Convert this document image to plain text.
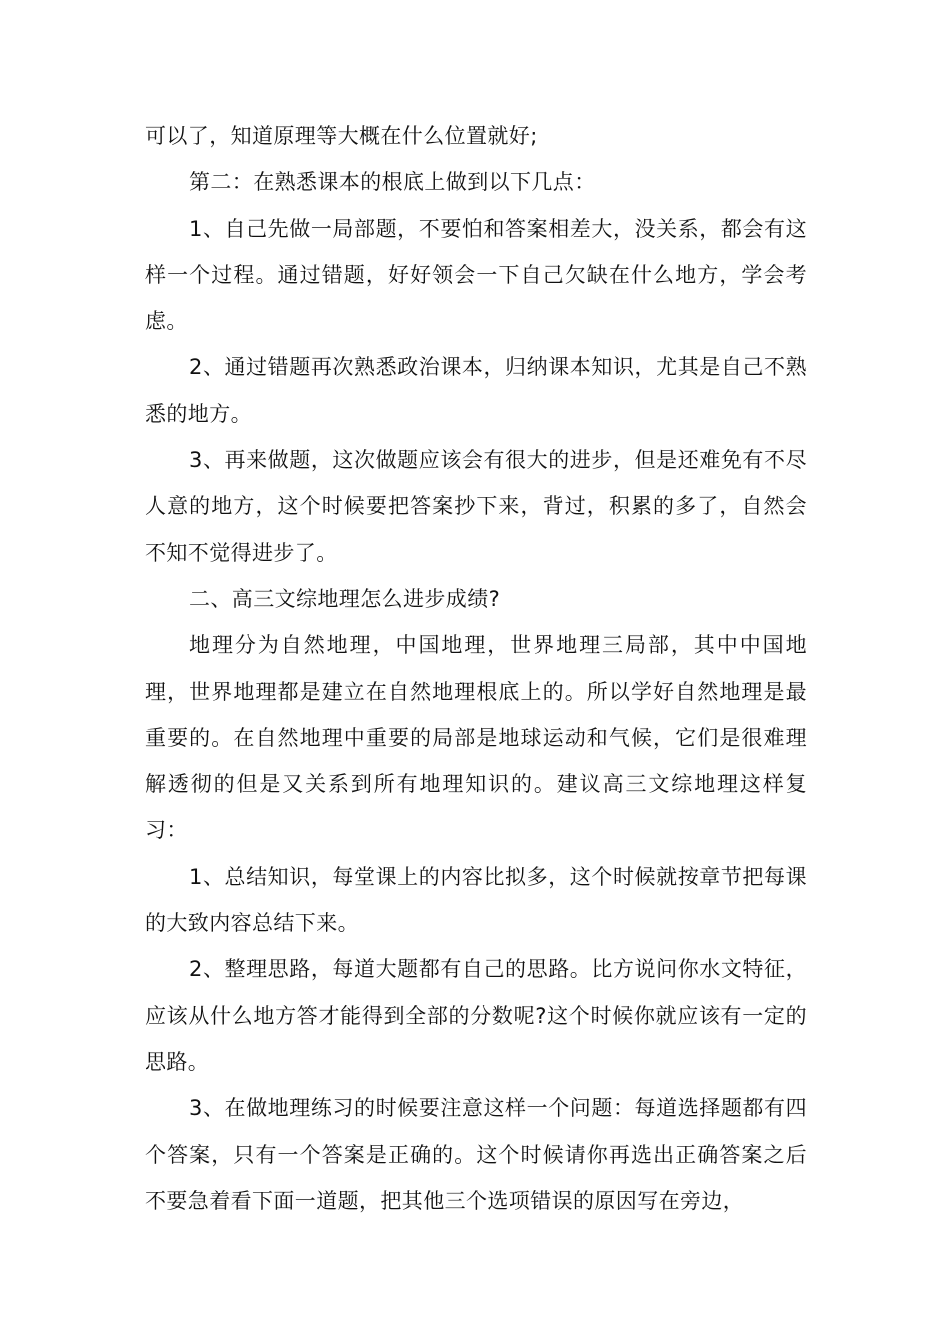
可以了，知道原理等大概在什么位置就好;

第二：在熟悉课本的根底上做到以下几点：

1、自己先做一局部题，不要怕和答案相差大，没关系，都会有这样一个过程。通过错题，好好领会一下自己欠缺在什么地方，学会考虑。

2、通过错题再次熟悉政治课本，归纳课本知识，尤其是自己不熟悉的地方。

3、再来做题，这次做题应该会有很大的进步，但是还难免有不尽人意的地方，这个时候要把答案抄下来，背过，积累的多了，自然会不知不觉得进步了。

二、高三文综地理怎么进步成绩?

地理分为自然地理，中国地理，世界地理三局部，其中中国地理，世界地理都是建立在自然地理根底上的。所以学好自然地理是最重要的。在自然地理中重要的局部是地球运动和气候，它们是很难理解透彻的但是又关系到所有地理知识的。建议高三文综地理这样复习：

1、总结知识，每堂课上的内容比拟多，这个时候就按章节把每课的大致内容总结下来。

2、整理思路，每道大题都有自己的思路。比方说问你水文特征，应该从什么地方答才能得到全部的分数呢?这个时候你就应该有一定的思路。

3、在做地理练习的时候要注意这样一个问题：每道选择题都有四个答案，只有一个答案是正确的。这个时候请你再选出正确答案之后不要急着看下面一道题，把其他三个选项错误的原因写在旁边，
